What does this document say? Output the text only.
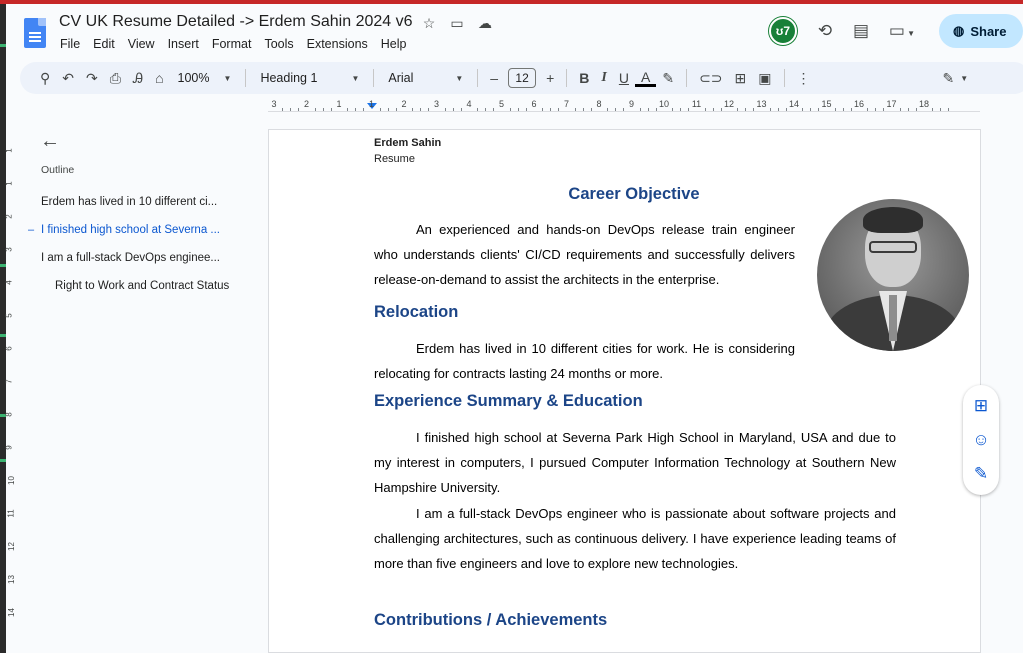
CV UK Resume Detailed -> Erdem Sahin 2024 v6 ☆ ▭ ☁
File Edit View Insert Format Tools Extensions Help
ʊ7	⟲	▤	▭ ▼	◍ Share
⚲ ↶ ↷ ⎙ Ꭿ ⌂	100% ▼ Heading 1	▼ Arial	▼	–	12	+	B I U A ✎	⊂⊃ ⊞ ▣	⋮	✎ ▼
3	2	1	1	2	3	4	5	6	7	8	9	10	11	12 13 14 15 16 17 18
1
1
2
3
4
5
6
7
8
9
10
11
12
13
14
←
Outline
Erdem has lived in 10 different ci...
– I finished high school at Severna ...
I am a full-stack DevOps enginee...
Right to Work and Contract Status
Erdem Sahin
Resume
Career Objective
An experienced and hands-on DevOps release train engineer who understands clients' CI/CD requirements and successfully delivers release-on-demand to assist the architects in the enterprise.
Relocation
Erdem has lived in 10 different cities for work. He is considering relocating for contracts lasting 24 months or more.
Experience Summary & Education
I finished high school at Severna Park High School in Maryland, USA and due to my interest in computers, I pursued Computer Information Technology at Southern New Hampshire University.
I am a full-stack DevOps engineer who is passionate about software projects and challenging architectures, such as continuous delivery. I have experience leading teams of more than five engineers and love to explore new technologies.
Contributions / Achievements
⊞
☺
✎
